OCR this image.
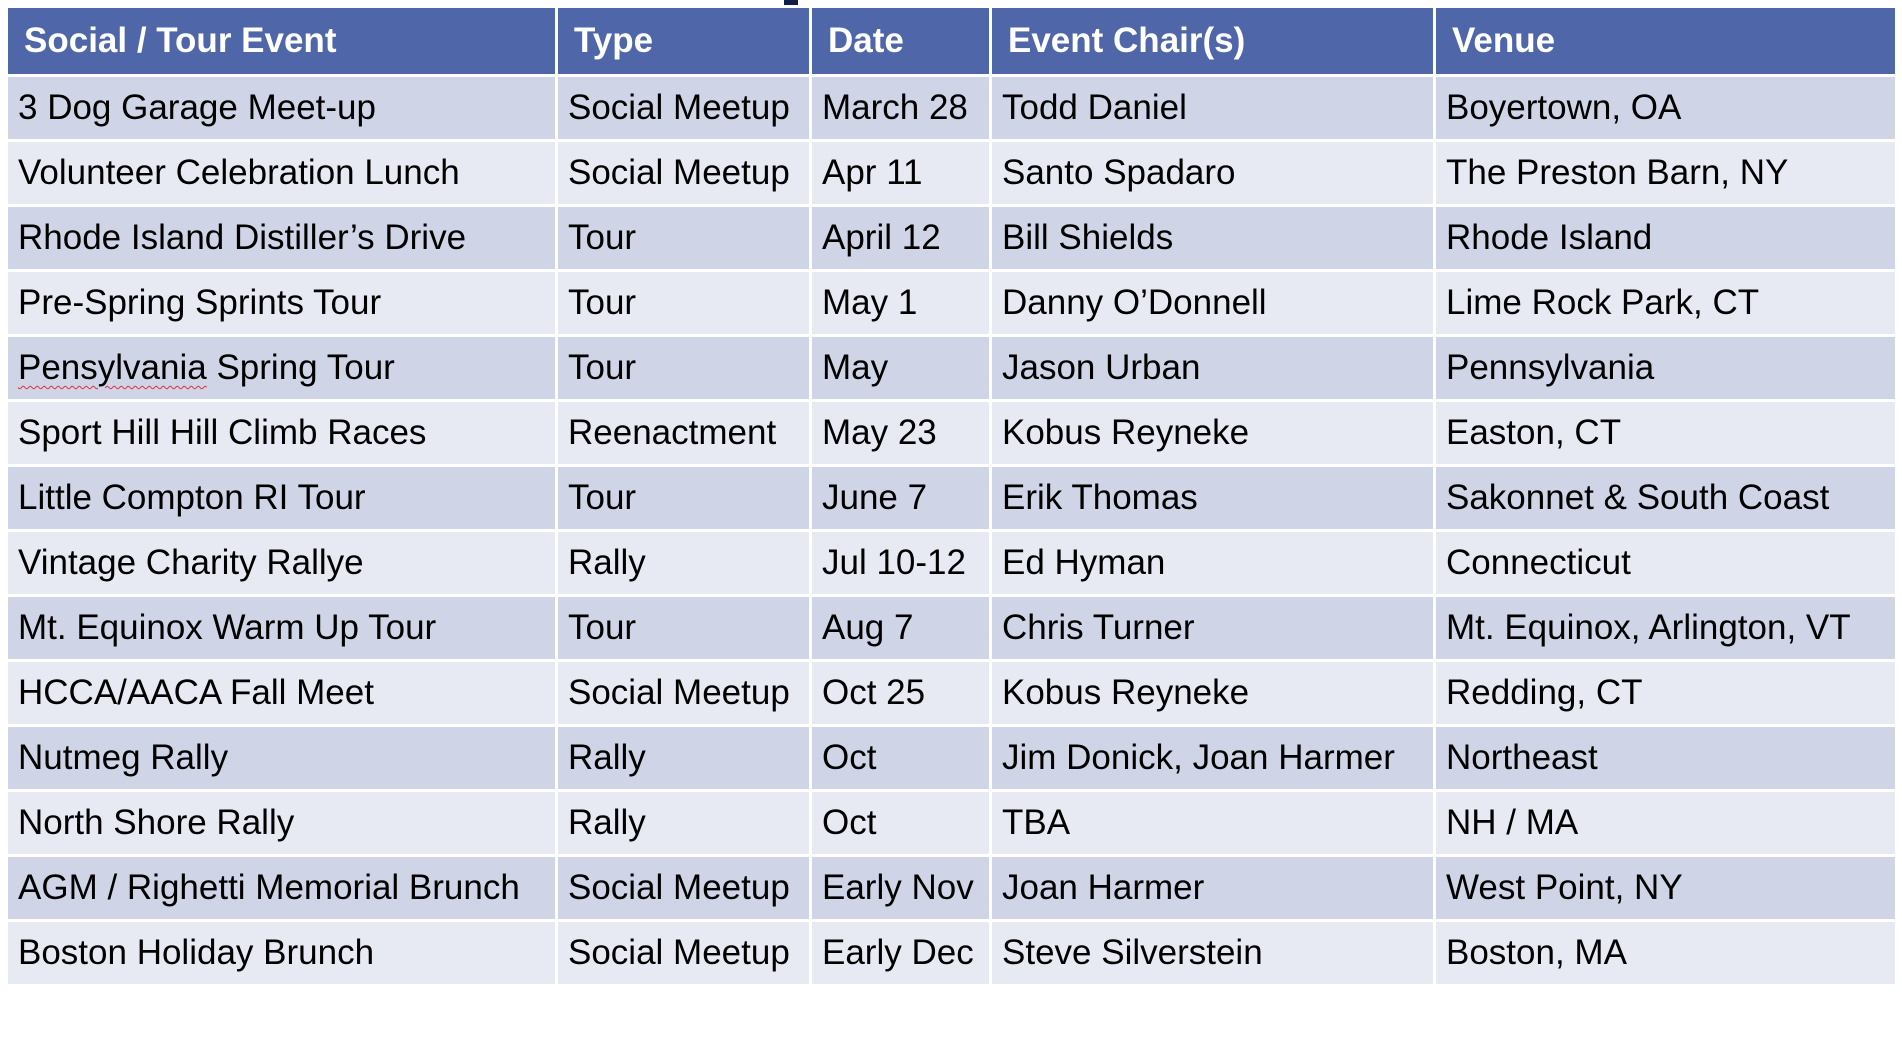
Social / Tour Event	Type	Date	Event Chair(s)	Venue
3 Dog Garage Meet-up	Social Meetup	March 28	Todd Daniel	Boyertown, OA
Volunteer Celebration Lunch	Social Meetup	Apr 11	Santo Spadaro	The Preston Barn, NY
Rhode Island Distiller’s Drive	Tour	April 12	Bill Shields	Rhode Island
Pre-Spring Sprints Tour	Tour	May 1	Danny O’Donnell	Lime Rock Park, CT
Pensylvania Spring Tour	Tour	May	Jason Urban	Pennsylvania
Sport Hill Hill Climb Races	Reenactment	May 23	Kobus Reyneke	Easton, CT
Little Compton RI Tour	Tour	June 7	Erik Thomas	Sakonnet & South Coast
Vintage Charity Rallye	Rally	Jul 10-12	Ed Hyman	Connecticut
Mt. Equinox Warm Up Tour	Tour	Aug 7	Chris Turner	Mt. Equinox, Arlington, VT
HCCA/AACA Fall Meet	Social Meetup	Oct 25	Kobus Reyneke	Redding, CT
Nutmeg Rally	Rally	Oct	Jim Donick, Joan Harmer	Northeast
North Shore Rally	Rally	Oct	TBA	NH / MA
AGM / Righetti Memorial Brunch	Social Meetup	Early Nov	Joan Harmer	West Point, NY
Boston Holiday Brunch	Social Meetup	Early Dec	Steve Silverstein	Boston, MA
